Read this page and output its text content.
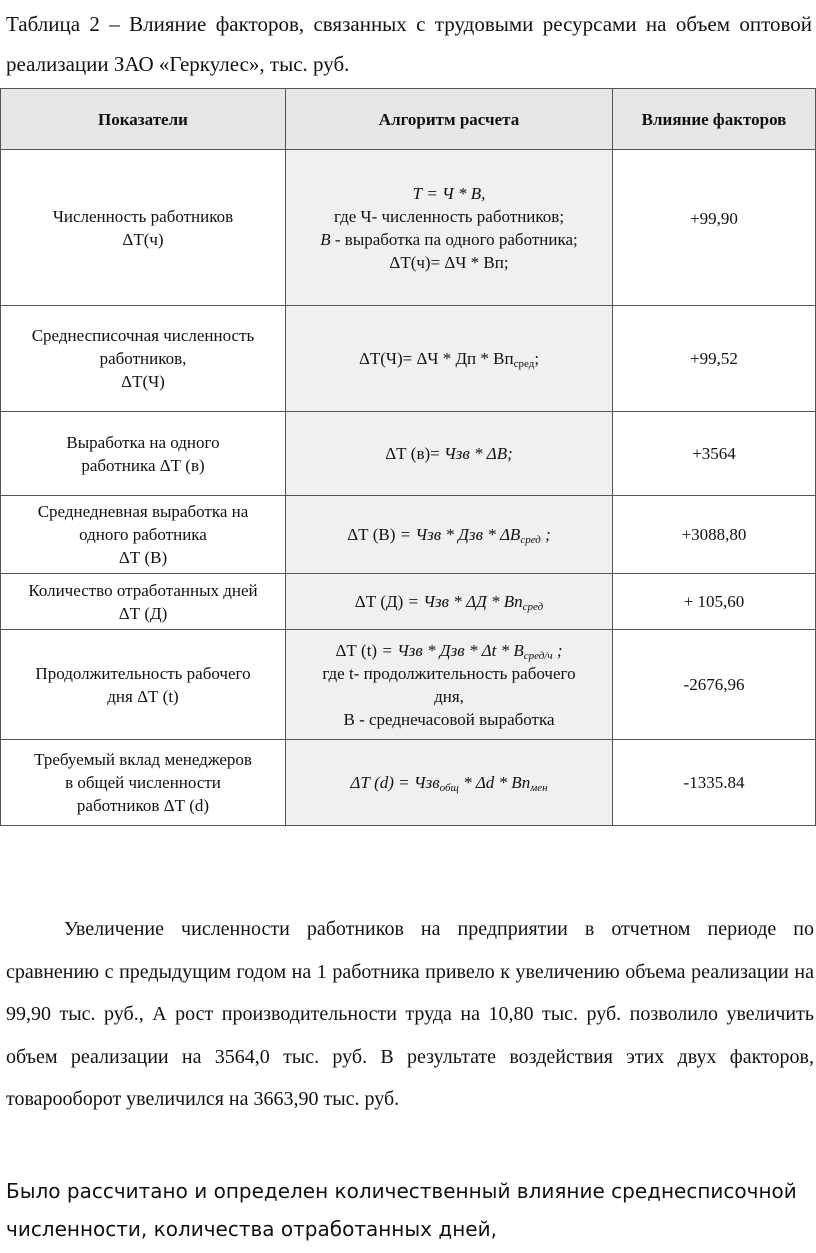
Таблица 2 – Влияние факторов, связанных с трудовыми ресурсами на объем оптовой реализации ЗАО «Геркулес», тыс. руб.
Показатели	Алгоритм расчета	Влияние факторов
Численность работников
ΔТ(ч)	Т = Ч * В,
где Ч- численность работников;
В - выработка па одного работника;
ΔТ(ч)= ΔЧ * Вп;	+99,90
Среднесписочная численность
работников,
ΔТ(Ч)	ΔТ(Ч)= ΔЧ * Дп * $Вп_{сред}$;	+99,52
Выработка на одного
работника ΔТ (в)	ΔТ (в)= Чзв * ΔВ;	+3564
Среднедневная выработка на
одного работника
ΔТ (В)	ΔТ (В) = Чзв * Дзв * $\Delta В_{сред}$ ;	+3088,80
Количество отработанных дней
ΔТ (Д)	ΔТ (Д) = Чзв * ΔД * $Вп_{сред}$	+ 105,60
Продолжительность рабочего
дня ΔТ (t)	ΔТ (t) = Чзв * Дзв * Δt * $В_{сред/ч}$ ;
где t- продолжительность рабочего
дня,
В - среднечасовой выработка	-2676,96
Требуемый вклад менеджеров
в общей численности
работников ΔТ (d)	ΔТ $(d) = Чзв_{общ} * \Delta d * Вп_{мен}$	-1335.84
Увеличение численности работников на предприятии в отчетном периоде по сравнению с предыдущим годом на 1 работника привело к увеличению объема реализации на 99,90 тыс. руб., А рост производительности труда на 10,80 тыс. руб. позволило увеличить объем реализации на 3564,0 тыс. руб. В результате воздействия этих двух факторов, товарооборот увеличился на 3663,90 тыс. руб.
Было рассчитано и определен количественный влияние среднесписочной численности, количества отработанных дней,
